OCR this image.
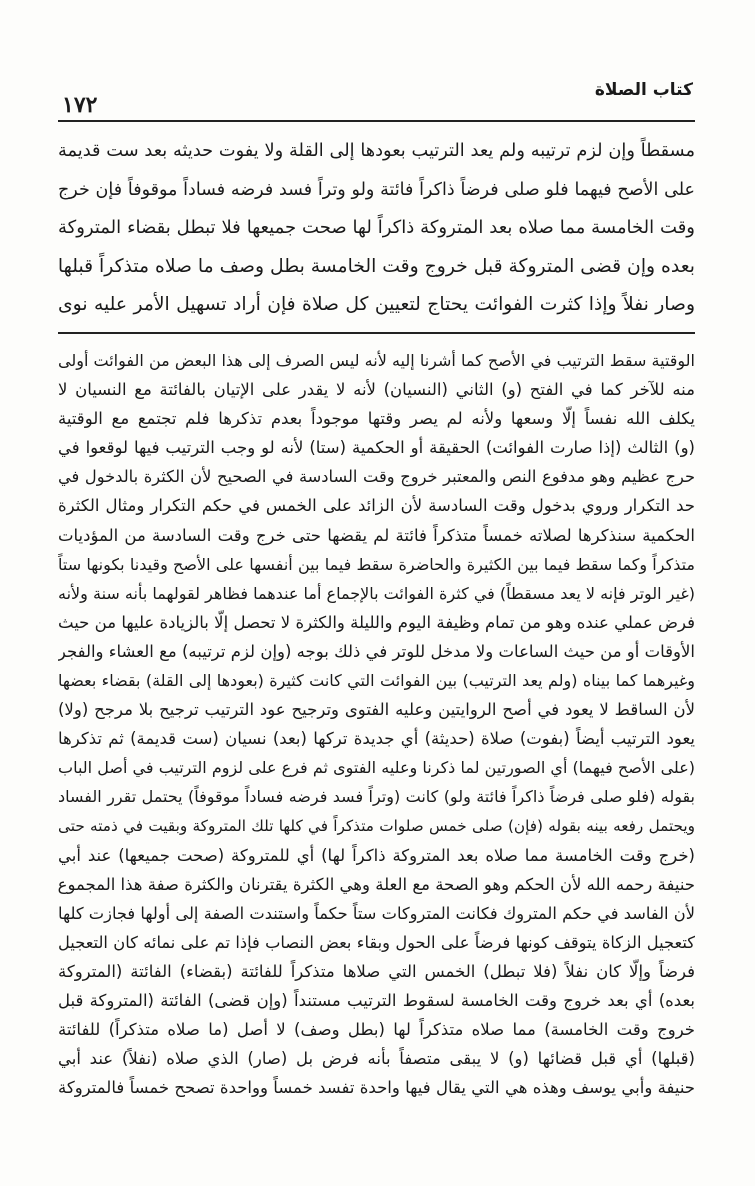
١٧٢
كتاب الصلاة
مسقطاً وإن لزم ترتيبه ولم يعد الترتيب بعودها إلى القلة ولا يفوت حديثه بعد ست قديمة
على الأصح فيهما فلو صلى فرضاً ذاكراً فائتة ولو وتراً فسد فرضه فساداً موقوفاً فإن خرج
وقت الخامسة مما صلاه بعد المتروكة ذاكراً لها صحت جميعها فلا تبطل بقضاء المتروكة
بعده وإن قضى المتروكة قبل خروج وقت الخامسة بطل وصف ما صلاه متذكراً قبلها
وصار نفلاً وإذا كثرت الفوائت يحتاج لتعيين كل صلاة فإن أراد تسهيل الأمر عليه نوى
الوقتية سقط الترتيب في الأصح كما أشرنا إليه لأنه ليس الصرف إلى هذا البعض من الفوائت أولى
منه للآخر كما في الفتح (و) الثاني (النسيان) لأنه لا يقدر على الإتيان بالفائتة مع النسيان لا
يكلف الله نفساً إلّا وسعها ولأنه لم يصر وقتها موجوداً بعدم تذكرها فلم تجتمع مع الوقتية
(و) الثالث (إذا صارت الفوائت) الحقيقة أو الحكمية (ستا) لأنه لو وجب الترتيب فيها لوقعوا في
حرج عظيم وهو مدفوع النص والمعتبر خروج وقت السادسة في الصحيح لأن الكثرة بالدخول في
حد التكرار وروي بدخول وقت السادسة لأن الزائد على الخمس في حكم التكرار ومثال الكثرة
الحكمية سنذكرها لصلاته خمساً متذكراً فائتة لم يقضها حتى خرج وقت السادسة من المؤديات
متذكراً وكما سقط فيما بين الكثيرة والحاضرة سقط فيما بين أنفسها على الأصح وقيدنا بكونها ستاً
(غير الوتر فإنه لا يعد مسقطاً) في كثرة الفوائت بالإجماع أما عندهما فظاهر لقولهما بأنه سنة ولأنه
فرض عملي عنده وهو من تمام وظيفة اليوم والليلة والكثرة لا تحصل إلّا بالزيادة عليها من حيث
الأوقات أو من حيث الساعات ولا مدخل للوتر في ذلك بوجه (وإن لزم ترتيبه) مع العشاء والفجر
وغيرهما كما بيناه (ولم يعد الترتيب) بين الفوائت التي كانت كثيرة (بعودها إلى القلة) بقضاء بعضها
لأن الساقط لا يعود في أصح الروايتين وعليه الفتوى وترجيح عود الترتيب ترجيح بلا مرجح (ولا)
يعود الترتيب أيضاً (بفوت) صلاة (حديثة) أي جديدة تركها (بعد) نسيان (ست قديمة) ثم تذكرها
(على الأصح فيهما) أي الصورتين لما ذكرنا وعليه الفتوى ثم فرع على لزوم الترتيب في أصل الباب
بقوله (فلو صلى فرضاً ذاكراً فائتة ولو) كانت (وتراً فسد فرضه فساداً موقوفاً) يحتمل تقرر الفساد
ويحتمل رفعه بينه بقوله (فإن) صلى خمس صلوات متذكراً في كلها تلك المتروكة وبقيت في ذمته حتى
(خرج وقت الخامسة مما صلاه بعد المتروكة ذاكراً لها) أي للمتروكة (صحت جميعها) عند أبي
حنيفة رحمه الله لأن الحكم وهو الصحة مع العلة وهي الكثرة يقترنان والكثرة صفة هذا المجموع
لأن الفاسد في حكم المتروك فكانت المتروكات ستاً حكماً واستندت الصفة إلى أولها فجازت كلها
كتعجيل الزكاة يتوقف كونها فرضاً على الحول وبقاء بعض النصاب فإذا تم على نمائه كان التعجيل
فرضاً وإلّا كان نفلاً (فلا تبطل) الخمس التي صلاها متذكراً للفائتة (بقضاء) الفائتة (المتروكة
بعده) أي بعد خروج وقت الخامسة لسقوط الترتيب مستنداً (وإن قضى) الفائتة (المتروكة قبل
خروج وقت الخامسة) مما صلاه متذكراً لها (بطل وصف) لا أصل (ما صلاه متذكراً) للفائتة
(قبلها) أي قبل قضائها (و) لا يبقى متصفاً بأنه فرض بل (صار) الذي صلاه (نفلاً) عند أبي
حنيفة وأبي يوسف وهذه هي التي يقال فيها واحدة تفسد خمساً وواحدة تصحح خمساً فالمتروكة
